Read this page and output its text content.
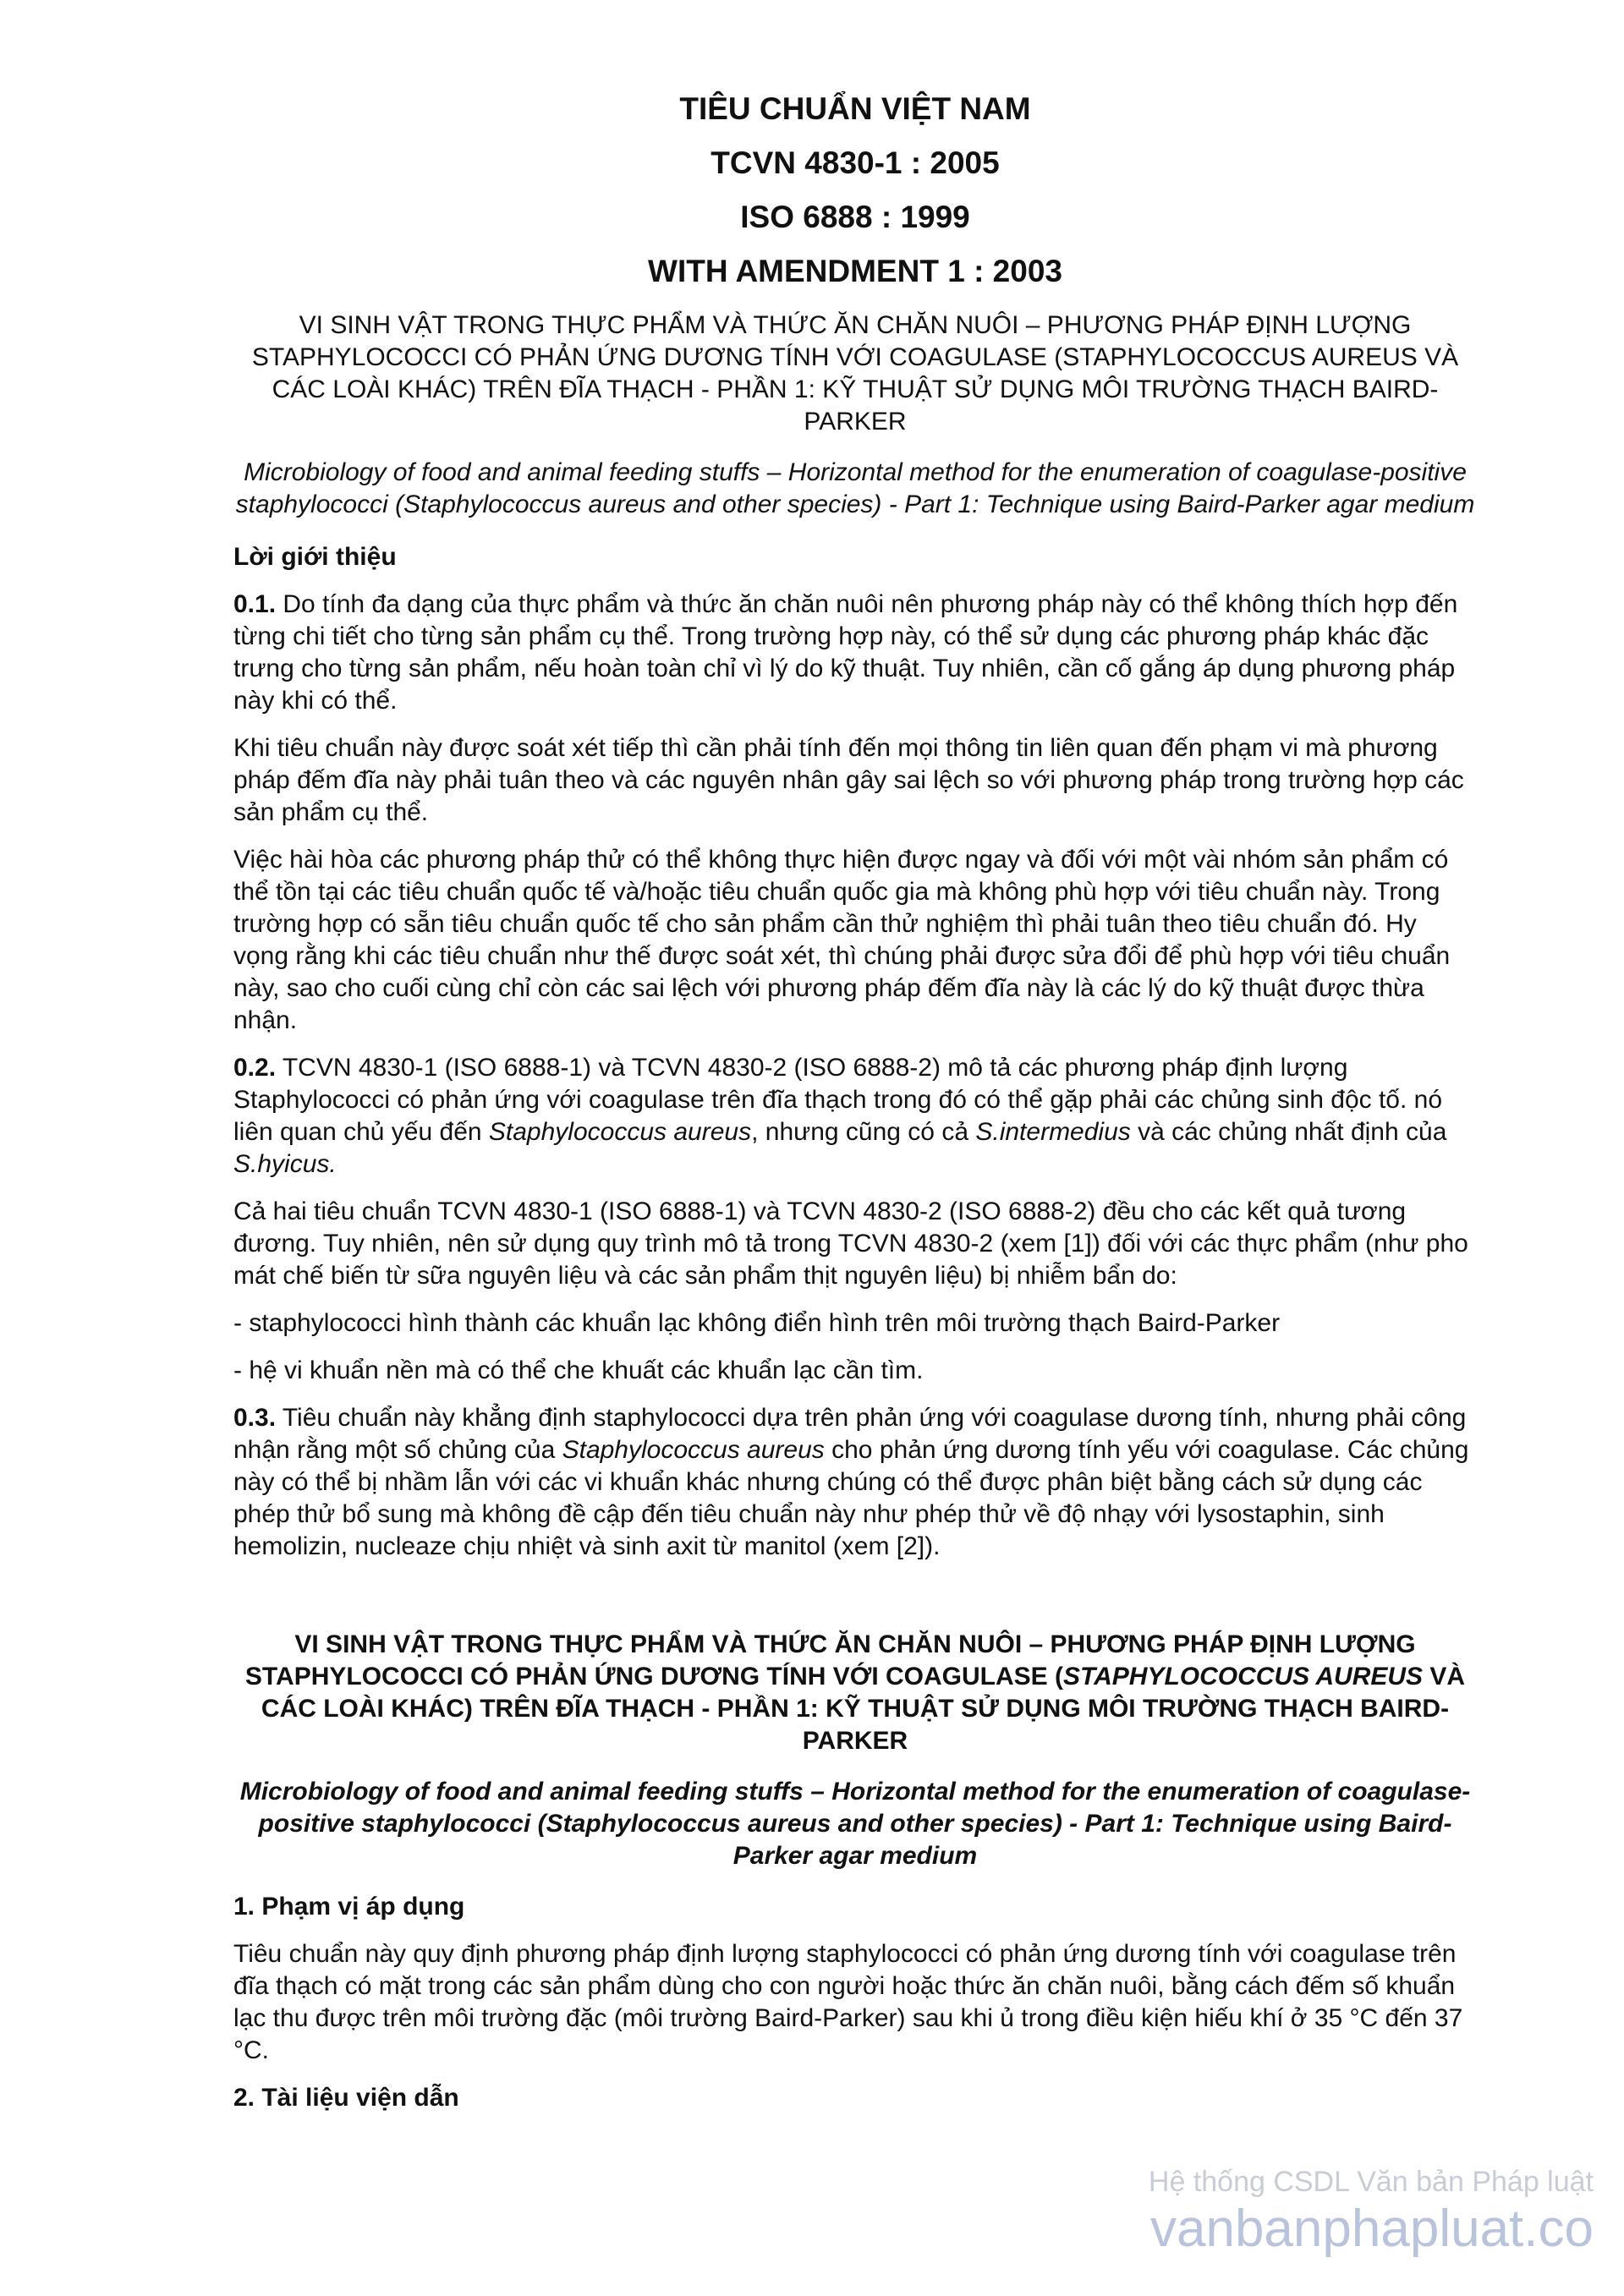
TIÊU CHUẨN VIỆT NAM
TCVN 4830-1 : 2005
ISO 6888 : 1999
WITH AMENDMENT 1 : 2003
VI SINH VẬT TRONG THỰC PHẨM VÀ THỨC ĂN CHĂN NUÔI – PHƯƠNG PHÁP ĐỊNH LƯỢNG STAPHYLOCOCCI CÓ PHẢN ỨNG DƯƠNG TÍNH VỚI COAGULASE (STAPHYLOCOCCUS AUREUS VÀ CÁC LOÀI KHÁC) TRÊN ĐĨA THẠCH - PHẦN 1: KỸ THUẬT SỬ DỤNG MÔI TRƯỜNG THẠCH BAIRD-PARKER
Microbiology of food and animal feeding stuffs – Horizontal method for the enumeration of coagulase-positive staphylococci (Staphylococcus aureus and other species) - Part 1: Technique using Baird-Parker agar medium
Lời giới thiệu

0.1. Do tính đa dạng của thực phẩm và thức ăn chăn nuôi nên phương pháp này có thể không thích hợp đến từng chi tiết cho từng sản phẩm cụ thể. Trong trường hợp này, có thể sử dụng các phương pháp khác đặc trưng cho từng sản phẩm, nếu hoàn toàn chỉ vì lý do kỹ thuật. Tuy nhiên, cần cố gắng áp dụng phương pháp này khi có thể.

Khi tiêu chuẩn này được soát xét tiếp thì cần phải tính đến mọi thông tin liên quan đến phạm vi mà phương pháp đếm đĩa này phải tuân theo và các nguyên nhân gây sai lệch so với phương pháp trong trường hợp các sản phẩm cụ thể.

Việc hài hòa các phương pháp thử có thể không thực hiện được ngay và đối với một vài nhóm sản phẩm có thể tồn tại các tiêu chuẩn quốc tế và/hoặc tiêu chuẩn quốc gia mà không phù hợp với tiêu chuẩn này. Trong trường hợp có sẵn tiêu chuẩn quốc tế cho sản phẩm cần thử nghiệm thì phải tuân theo tiêu chuẩn đó. Hy vọng rằng khi các tiêu chuẩn như thế được soát xét, thì chúng phải được sửa đổi để phù hợp với tiêu chuẩn này, sao cho cuối cùng chỉ còn các sai lệch với phương pháp đếm đĩa này là các lý do kỹ thuật được thừa nhận.

0.2. TCVN 4830-1 (ISO 6888-1) và TCVN 4830-2 (ISO 6888-2) mô tả các phương pháp định lượng Staphylococci có phản ứng với coagulase trên đĩa thạch trong đó có thể gặp phải các chủng sinh độc tố. nó liên quan chủ yếu đến Staphylococcus aureus, nhưng cũng có cả S.intermedius và các chủng nhất định của S.hyicus.

Cả hai tiêu chuẩn TCVN 4830-1 (ISO 6888-1) và TCVN 4830-2 (ISO 6888-2) đều cho các kết quả tương đương. Tuy nhiên, nên sử dụng quy trình mô tả trong TCVN 4830-2 (xem [1]) đối với các thực phẩm (như pho mát chế biến từ sữa nguyên liệu và các sản phẩm thịt nguyên liệu) bị nhiễm bẩn do:

- staphylococci hình thành các khuẩn lạc không điển hình trên môi trường thạch Baird-Parker

- hệ vi khuẩn nền mà có thể che khuất các khuẩn lạc cần tìm.

0.3. Tiêu chuẩn này khẳng định staphylococci dựa trên phản ứng với coagulase dương tính, nhưng phải công nhận rằng một số chủng của Staphylococcus aureus cho phản ứng dương tính yếu với coagulase. Các chủng này có thể bị nhầm lẫn với các vi khuẩn khác nhưng chúng có thể được phân biệt bằng cách sử dụng các phép thử bổ sung mà không đề cập đến tiêu chuẩn này như phép thử về độ nhạy với lysostaphin, sinh hemolizin, nucleaze chịu nhiệt và sinh axit từ manitol (xem [2]).

VI SINH VẬT TRONG THỰC PHẨM VÀ THỨC ĂN CHĂN NUÔI – PHƯƠNG PHÁP ĐỊNH LƯỢNG STAPHYLOCOCCI CÓ PHẢN ỨNG DƯƠNG TÍNH VỚI COAGULASE (STAPHYLOCOCCUS AUREUS VÀ CÁC LOÀI KHÁC) TRÊN ĐĨA THẠCH - PHẦN 1: KỸ THUẬT SỬ DỤNG MÔI TRƯỜNG THẠCH BAIRD-PARKER
Microbiology of food and animal feeding stuffs – Horizontal method for the enumeration of coagulase-positive staphylococci (Staphylococcus aureus and other species) - Part 1: Technique using Baird-Parker agar medium
1. Phạm vị áp dụng

Tiêu chuẩn này quy định phương pháp định lượng staphylococci có phản ứng dương tính với coagulase trên đĩa thạch có mặt trong các sản phẩm dùng cho con người hoặc thức ăn chăn nuôi, bằng cách đếm số khuẩn lạc thu được trên môi trường đặc (môi trường Baird-Parker) sau khi ủ trong điều kiện hiếu khí ở 35 °C đến 37 °C.

2. Tài liệu viện dẫn
Hệ thống CSDL Văn bản Pháp luật
vanbanphapluat.co
